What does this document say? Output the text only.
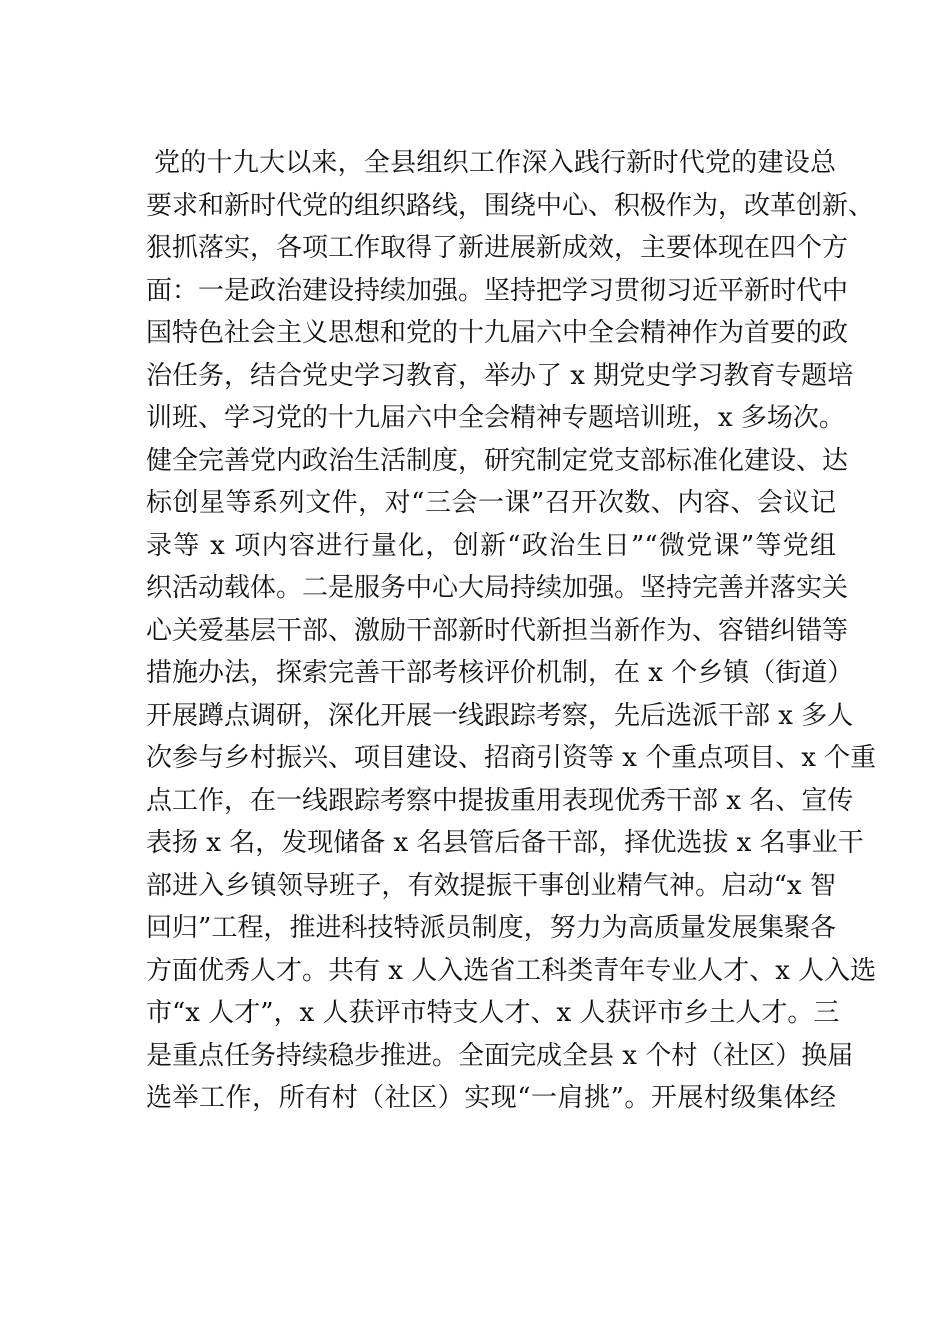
党的十九大以来，全县组织工作深入践行新时代党的建设总
要求和新时代党的组织路线，围绕中心、积极作为，改革创新、
狠抓落实，各项工作取得了新进展新成效，主要体现在四个方
面：一是政治建设持续加强。坚持把学习贯彻习近平新时代中
国特色社会主义思想和党的十九届六中全会精神作为首要的政
治任务，结合党史学习教育，举办了 x 期党史学习教育专题培
训班、学习党的十九届六中全会精神专题培训班，x 多场次。
健全完善党内政治生活制度，研究制定党支部标准化建设、达
标创星等系列文件，对“三会一课”召开次数、内容、会议记
录等 x 项内容进行量化，创新“政治生日”“微党课”等党组
织活动载体。二是服务中心大局持续加强。坚持完善并落实关
心关爱基层干部、激励干部新时代新担当新作为、容错纠错等
措施办法，探索完善干部考核评价机制，在 x 个乡镇（街道）
开展蹲点调研，深化开展一线跟踪考察，先后选派干部 x 多人
次参与乡村振兴、项目建设、招商引资等 x 个重点项目、x 个重
点工作，在一线跟踪考察中提拔重用表现优秀干部 x 名、宣传
表扬 x 名，发现储备 x 名县管后备干部，择优选拔 x 名事业干
部进入乡镇领导班子，有效提振干事创业精气神。启动“x 智
回归”工程，推进科技特派员制度，努力为高质量发展集聚各
方面优秀人才。共有 x 人入选省工科类青年专业人才、x 人入选
市“x 人才”，x 人获评市特支人才、x 人获评市乡土人才。三
是重点任务持续稳步推进。全面完成全县 x 个村（社区）换届
选举工作，所有村（社区）实现“一肩挑”。开展村级集体经
